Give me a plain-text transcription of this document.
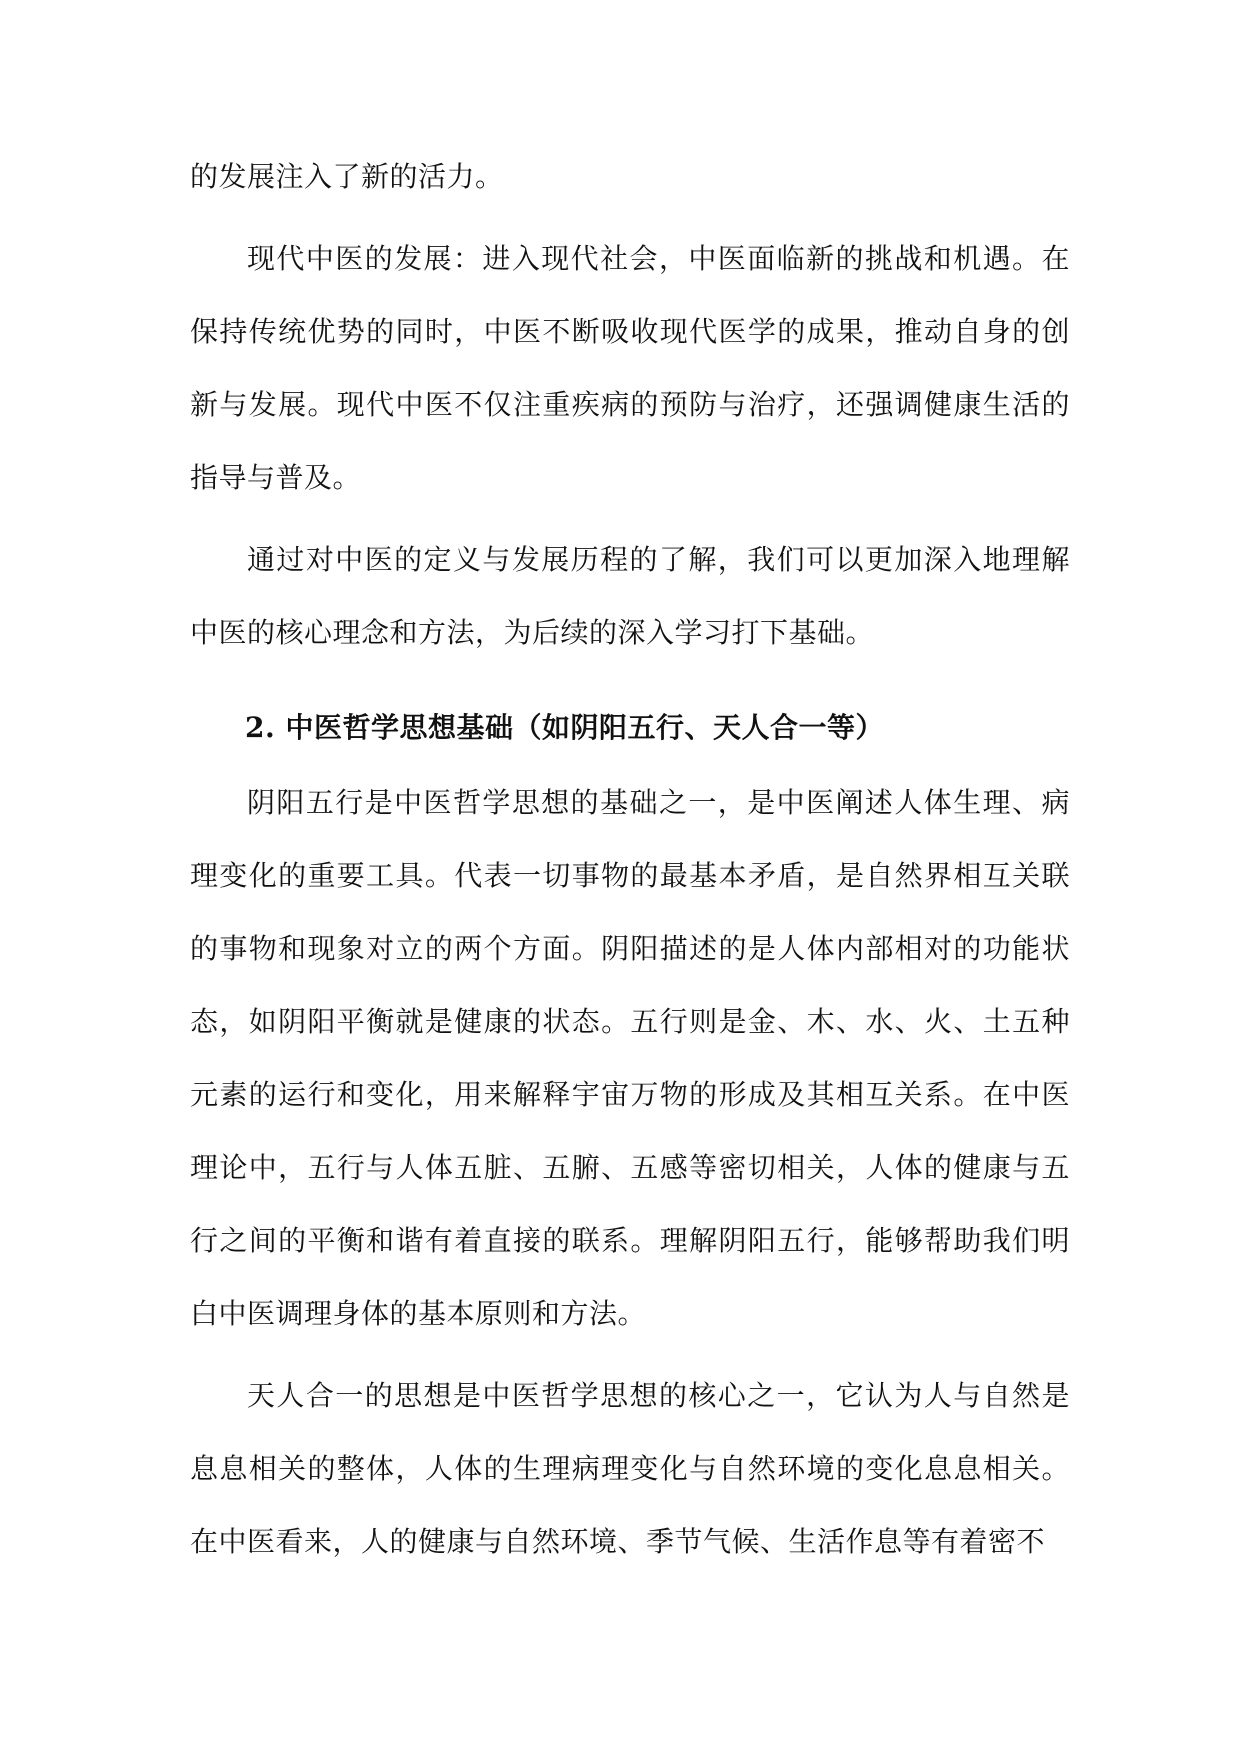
的发展注入了新的活力。

现代中医的发展：进入现代社会，中医面临新的挑战和机遇。在保持传统优势的同时，中医不断吸收现代医学的成果，推动自身的创新与发展。现代中医不仅注重疾病的预防与治疗，还强调健康生活的指导与普及。

通过对中医的定义与发展历程的了解，我们可以更加深入地理解中医的核心理念和方法，为后续的深入学习打下基础。

2. 中医哲学思想基础（如阴阳五行、天人合一等）

阴阳五行是中医哲学思想的基础之一，是中医阐述人体生理、病理变化的重要工具。代表一切事物的最基本矛盾，是自然界相互关联的事物和现象对立的两个方面。阴阳描述的是人体内部相对的功能状态，如阴阳平衡就是健康的状态。五行则是金、木、水、火、土五种元素的运行和变化，用来解释宇宙万物的形成及其相互关系。在中医理论中，五行与人体五脏、五腑、五感等密切相关，人体的健康与五行之间的平衡和谐有着直接的联系。理解阴阳五行，能够帮助我们明白中医调理身体的基本原则和方法。

天人合一的思想是中医哲学思想的核心之一，它认为人与自然是息息相关的整体，人体的生理病理变化与自然环境的变化息息相关。在中医看来，人的健康与自然环境、季节气候、生活作息等有着密不
